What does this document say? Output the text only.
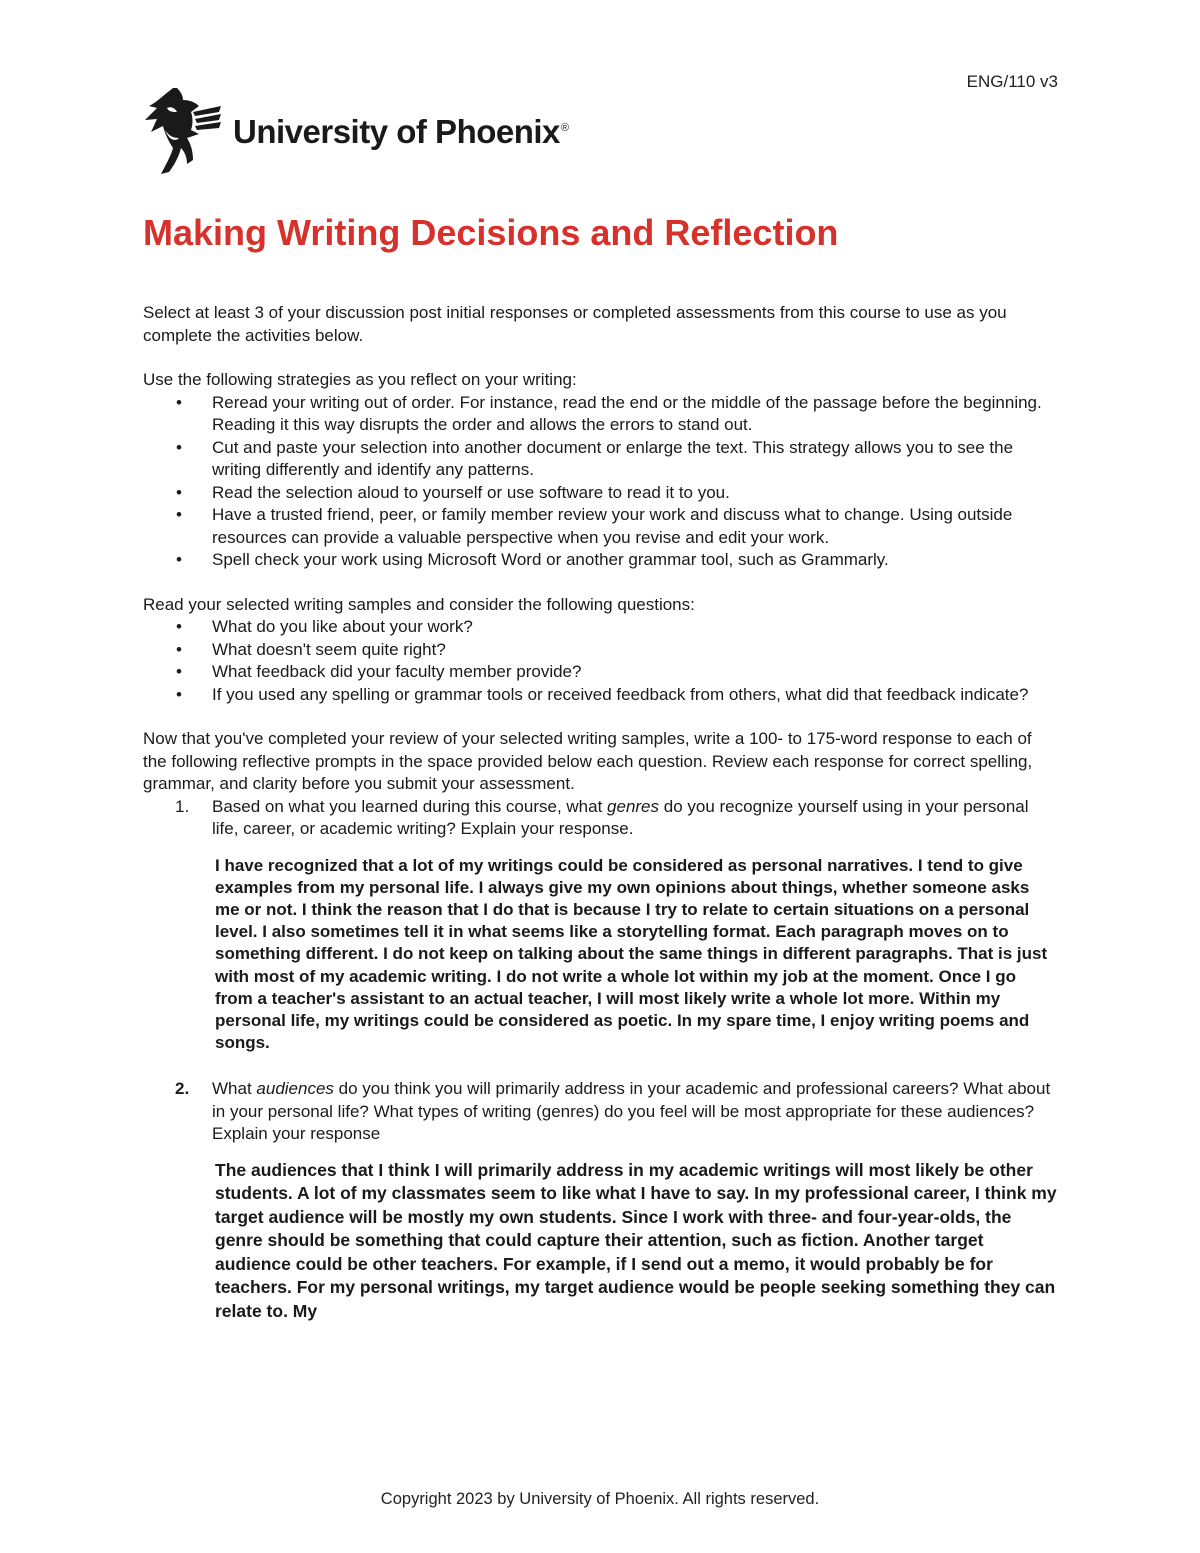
ENG/110 v3
University of Phoenix®
Making Writing Decisions and Reflection

Select at least 3 of your discussion post initial responses or completed assessments from this course to use as you complete the activities below.

Use the following strategies as you reflect on your writing:

• Reread your writing out of order. For instance, read the end or the middle of the passage before the beginning. Reading it this way disrupts the order and allows the errors to stand out.
• Cut and paste your selection into another document or enlarge the text. This strategy allows you to see the writing differently and identify any patterns.
• Read the selection aloud to yourself or use software to read it to you.
• Have a trusted friend, peer, or family member review your work and discuss what to change. Using outside resources can provide a valuable perspective when you revise and edit your work.
• Spell check your work using Microsoft Word or another grammar tool, such as Grammarly.

Read your selected writing samples and consider the following questions:

• What do you like about your work?
• What doesn't seem quite right?
• What feedback did your faculty member provide?
• If you used any spelling or grammar tools or received feedback from others, what did that feedback indicate?

Now that you've completed your review of your selected writing samples, write a 100- to 175-word response to each of the following reflective prompts in the space provided below each question. Review each response for correct spelling, grammar, and clarity before you submit your assessment.

1. Based on what you learned during this course, what genres do you recognize yourself using in your personal life, career, or academic writing? Explain your response.
I have recognized that a lot of my writings could be considered as personal narratives. I tend to give examples from my personal life. I always give my own opinions about things, whether someone asks me or not. I think the reason that I do that is because I try to relate to certain situations on a personal level. I also sometimes tell it in what seems like a storytelling format. Each paragraph moves on to something different. I do not keep on talking about the same things in different paragraphs. That is just with most of my academic writing. I do not write a whole lot within my job at the moment. Once I go from a teacher's assistant to an actual teacher, I will most likely write a whole lot more. Within my personal life, my writings could be considered as poetic. In my spare time, I enjoy writing poems and songs.
2. What audiences do you think you will primarily address in your academic and professional careers? What about in your personal life? What types of writing (genres) do you feel will be most appropriate for these audiences? Explain your response
The audiences that I think I will primarily address in my academic writings will most likely be other students. A lot of my classmates seem to like what I have to say. In my professional career, I think my target audience will be mostly my own students. Since I work with three- and four-year-olds, the genre should be something that could capture their attention, such as fiction. Another target audience could be other teachers. For example, if I send out a memo, it would probably be for teachers. For my personal writings, my target audience would be people seeking something they can relate to. My
Copyright 2023 by University of Phoenix. All rights reserved.
